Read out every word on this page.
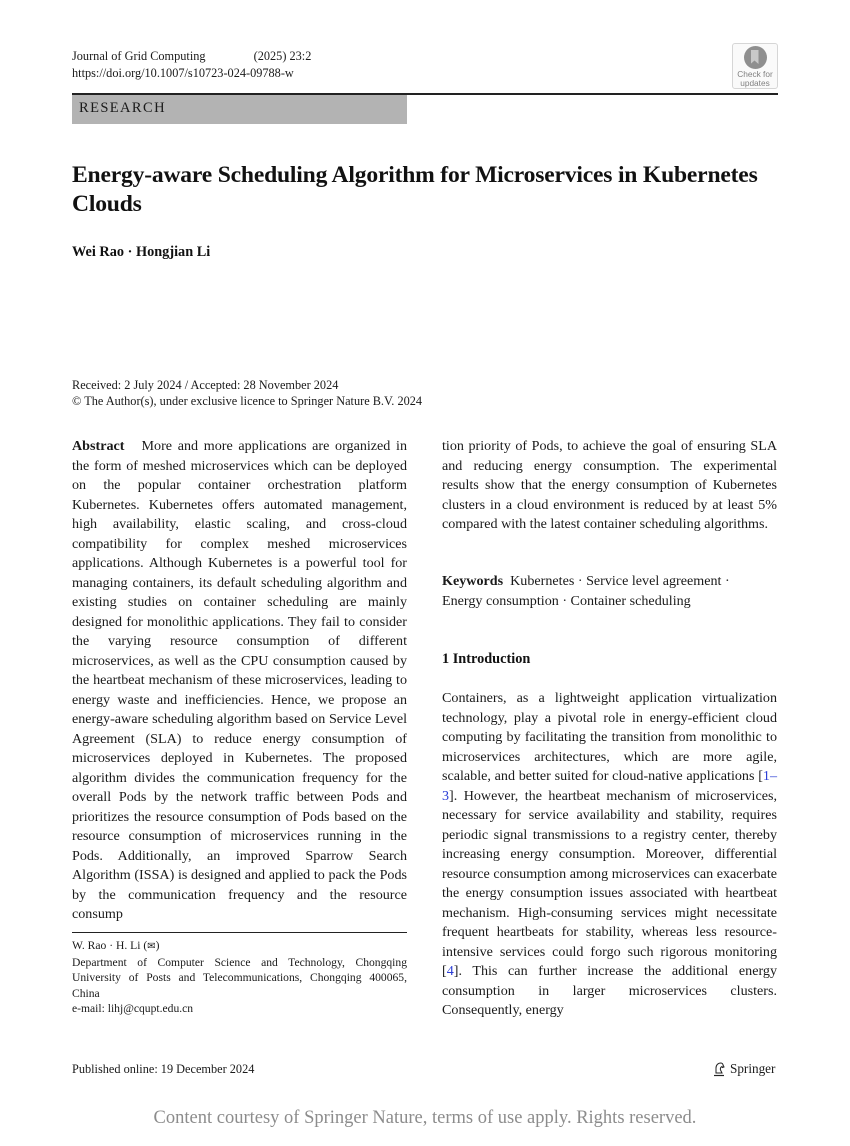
Journal of Grid Computing	(2025) 23:2
https://doi.org/10.1007/s10723-024-09788-w	Check for
updates
RESEARCH
Energy-aware Scheduling Algorithm for Microservices in Kubernetes Clouds
Wei Rao · Hongjian Li
Received: 2 July 2024 / Accepted: 28 November 2024
© The Author(s), under exclusive licence to Springer Nature B.V. 2024
Abstract More and more applications are organized in the form of meshed microservices which can be deployed on the popular container orchestration platform Kubernetes. Kubernetes offers automated management, high availability, elastic scaling, and cross-cloud compatibility for complex meshed microservices applications. Although Kubernetes is a powerful tool for managing containers, its default scheduling algorithm and existing studies on container scheduling are mainly designed for monolithic applications. They fail to consider the varying resource consumption of different microservices, as well as the CPU consumption caused by the heartbeat mechanism of these microservices, leading to energy waste and inefficiencies. Hence, we propose an energy-aware scheduling algorithm based on Service Level Agreement (SLA) to reduce energy consumption of microservices deployed in Kubernetes. The proposed algorithm divides the communication frequency for the overall Pods by the network traffic between Pods and prioritizes the resource consumption of Pods based on the resource consumption of microservices running in the Pods. Additionally, an improved Sparrow Search Algorithm (ISSA) is designed and applied to pack the Pods by the communication frequency and the resource consump
tion priority of Pods, to achieve the goal of ensuring SLA and reducing energy consumption. The experimental results show that the energy consumption of Kubernetes clusters in a cloud environment is reduced by at least 5% compared with the latest container scheduling algorithms.
Keywords Kubernetes · Service level agreement ·
Energy consumption · Container scheduling
1 Introduction
Containers, as a lightweight application virtualization technology, play a pivotal role in energy-efficient cloud computing by facilitating the transition from monolithic to microservices architectures, which are more agile, scalable, and better suited for cloud-native applications [1–3]. However, the heartbeat mechanism of microservices, necessary for service availability and stability, requires periodic signal transmissions to a registry center, thereby increasing energy consumption. Moreover, differential resource consumption among microservices can exacerbate the energy consumption issues associated with heartbeat mechanism. High-consuming services might necessitate frequent heartbeats for stability, whereas less resource-intensive services could forgo such rigorous monitoring [4]. This can further increase the additional energy consumption in larger microservices clusters. Consequently, energy
W. Rao · H. Li (✉)
Department of Computer Science and Technology, Chongqing University of Posts and Telecommunications, Chongqing 400065, China
e-mail: lihj@cqupt.edu.cn
Published online: 19 December 2024	Springer
Content courtesy of Springer Nature, terms of use apply. Rights reserved.
